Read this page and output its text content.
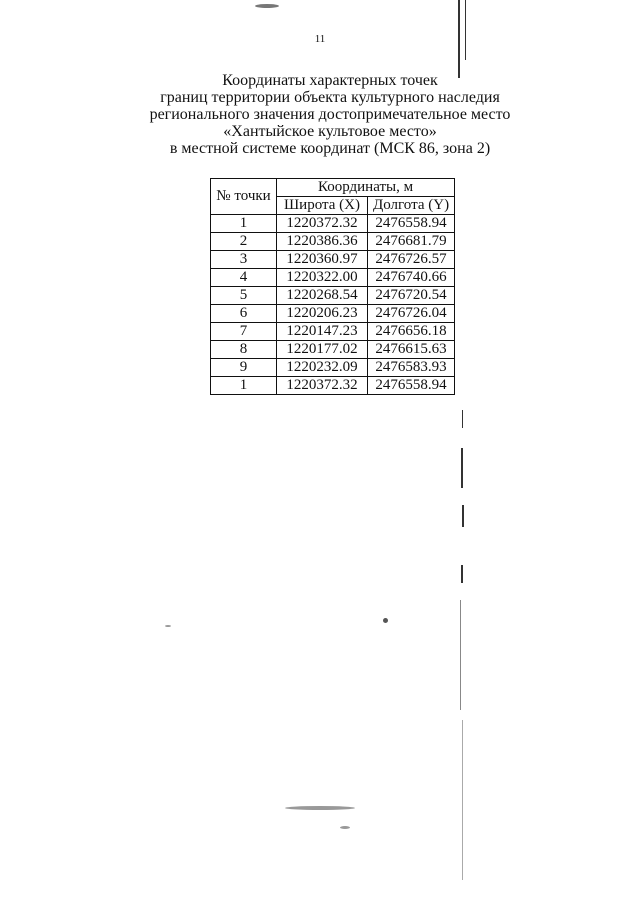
11
Координаты характерных точек
границ территории объекта культурного наследия
регионального значения достопримечательное место
«Хантыйское культовое место»
в местной системе координат (МСК 86, зона 2)
№ точки	Координаты, м	
	Широта (X)	Долгота (Y)
1	1220372.32	2476558.94
2	1220386.36	2476681.79
3	1220360.97	2476726.57
4	1220322.00	2476740.66
5	1220268.54	2476720.54
6	1220206.23	2476726.04
7	1220147.23	2476656.18
8	1220177.02	2476615.63
9	1220232.09	2476583.93
1	1220372.32	2476558.94
